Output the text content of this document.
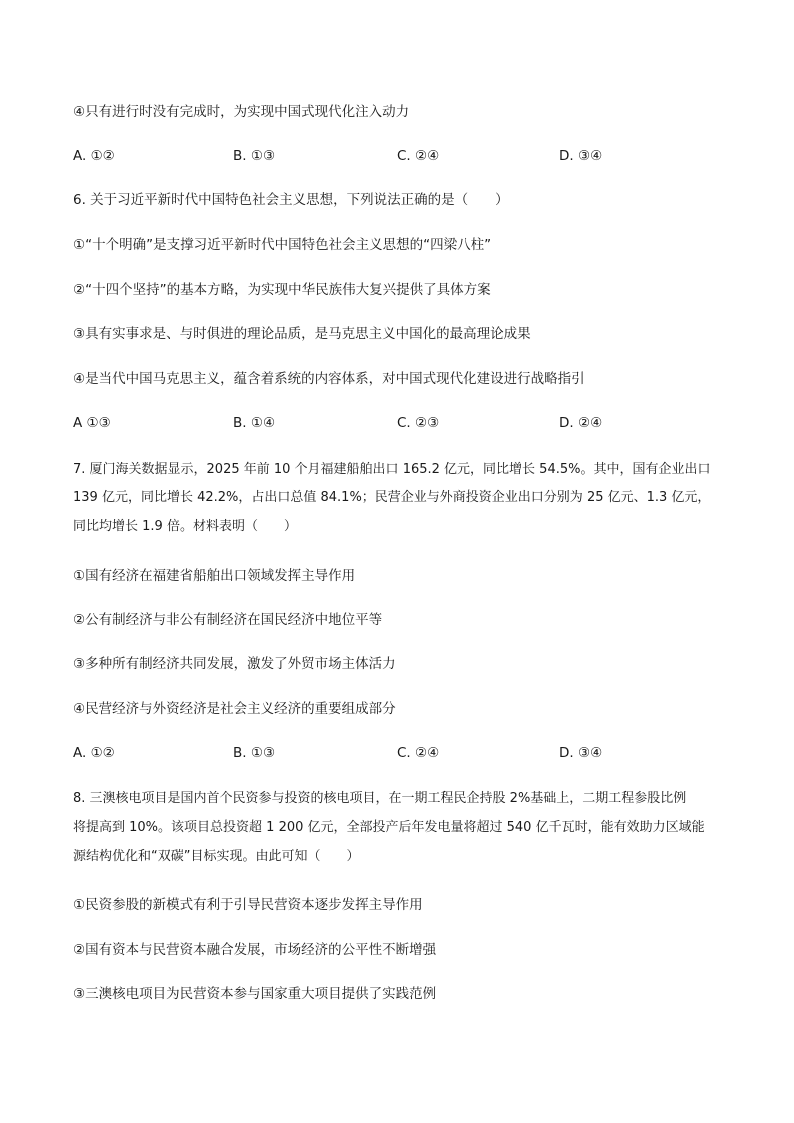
④只有进行时没有完成时，为实现中国式现代化注入动力
A. ①②	B. ①③	C. ②④	D. ③④
6. 关于习近平新时代中国特色社会主义思想，下列说法正确的是（　　）
①“十个明确”是支撑习近平新时代中国特色社会主义思想的“四梁八柱”
②“十四个坚持”的基本方略，为实现中华民族伟大复兴提供了具体方案
③具有实事求是、与时俱进的理论品质，是马克思主义中国化的最高理论成果
④是当代中国马克思主义，蕴含着系统的内容体系，对中国式现代化建设进行战略指引
A ①③	B. ①④	C. ②③	D. ②④
7. 厦门海关数据显示，2025 年前 10 个月福建船舶出口 165.2 亿元，同比增长 54.5%。其中，国有企业出口
139 亿元，同比增长 42.2%，占出口总值 84.1%；民营企业与外商投资企业出口分别为 25 亿元、1.3 亿元，
同比均增长 1.9 倍。材料表明（　　）
①国有经济在福建省船舶出口领域发挥主导作用
②公有制经济与非公有制经济在国民经济中地位平等
③多种所有制经济共同发展，激发了外贸市场主体活力
④民营经济与外资经济是社会主义经济的重要组成部分
A. ①②	B. ①③	C. ②④	D. ③④
8. 三澳核电项目是国内首个民资参与投资的核电项目，在一期工程民企持股 2%基础上，二期工程参股比例
将提高到 10%。该项目总投资超 1 200 亿元，全部投产后年发电量将超过 540 亿千瓦时，能有效助力区域能
源结构优化和“双碳”目标实现。由此可知（　　）
①民资参股的新模式有利于引导民营资本逐步发挥主导作用
②国有资本与民营资本融合发展，市场经济的公平性不断增强
③三澳核电项目为民营资本参与国家重大项目提供了实践范例
